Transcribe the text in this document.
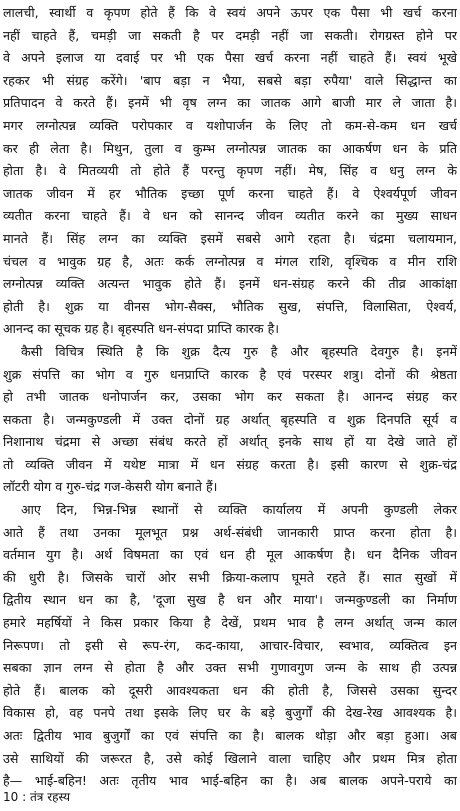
लालची, स्वार्थी व कृपण होते हैं कि वे स्वयं अपने ऊपर एक पैसा भी खर्च करना
नहीं चाहते हैं, चमड़ी जा सकती है पर दमड़ी नहीं जा सकती। रोगग्रस्त होने पर
वे अपने इलाज या दवाई पर भी एक पैसा खर्च करना नहीं चाहते हैं। स्वयं भूखे
रहकर भी संग्रह करेंगे। 'बाप बड़ा न भैया, सबसे बड़ा रुपैया' वाले सिद्धान्त का
प्रतिपादन वे करते हैं। इनमें भी वृष लग्न का जातक आगे बाजी मार ले जाता है।
मगर लग्नोत्पन्न व्यक्ति परोपकार व यशोपार्जन के लिए तो कम-से-कम धन खर्च
कर ही लेता है। मिथुन, तुला व कुम्भ लग्नोत्पन्न जातक का आकर्षण धन के प्रति
होता है। वे मितव्ययी तो होते हैं परन्तु कृपण नहीं। मेष, सिंह व धनु लग्न के
जातक जीवन में हर भौतिक इच्छा पूर्ण करना चाहते हैं। वे ऐश्वर्यपूर्ण जीवन
व्यतीत करना चाहते हैं। वे धन को सानन्द जीवन व्यतीत करने का मुख्य साधन
मानते हैं। सिंह लग्न का व्यक्ति इसमें सबसे आगे रहता है। चंद्रमा चलायमान,
चंचल व भावुक ग्रह है, अतः कर्क लग्नोत्पन्न व मंगल राशि, वृश्चिक व मीन राशि
लग्नोत्पन्न व्यक्ति अत्यन्त भावुक होते हैं। इनमें धन-संग्रह करने की तीव्र आकांक्षा
होती है। शुक्र या वीनस भोग-सैक्स, भौतिक सुख, संपत्ति, विलासिता, ऐश्वर्य,
आनन्द का सूचक ग्रह है। बृहस्पति धन-संपदा प्राप्ति कारक है।
कैसी विचित्र स्थिति है कि शुक्र दैत्य गुरु है और बृहस्पति देवगुरु है। इनमें
शुक्र संपत्ति का भोग व गुरु धनप्राप्ति कारक है एवं परस्पर शत्रु। दोनों की श्रेष्ठता
हो तभी जातक धनोपार्जन कर, उसका भोग कर सकता है। आनन्द संग्रह कर
सकता है। जन्मकुण्डली में उक्त दोनों ग्रह अर्थात् बृहस्पति व शुक्र दिनपति सूर्य व
निशानाथ चंद्रमा से अच्छा संबंध करते हों अर्थात् इनके साथ हों या देखे जाते हों
तो व्यक्ति जीवन में यथेष्ट मात्रा में धन संग्रह करता है। इसी कारण से शुक्र-चंद्र
लॉटरी योग व गुरु-चंद्र गज-केसरी योग बनाते हैं।
आए दिन, भिन्न-भिन्न स्थानों से व्यक्ति कार्यालय में अपनी कुण्डली लेकर
आते हैं तथा उनका मूलभूत प्रश्न अर्थ-संबंधी जानकारी प्राप्त करना होता है।
वर्तमान युग है। अर्थ विषमता का एवं धन ही मूल आकर्षण है। धन दैनिक जीवन
की धुरी है। जिसके चारों ओर सभी क्रिया-कलाप घूमते रहते हैं। सात सुखों में
द्वितीय स्थान धन का है, 'दूजा सुख है धन और माया'। जन्मकुण्डली का निर्माण
हमारे महर्षियों ने किस प्रकार किया है देखें, प्रथम भाव है लग्न अर्थात् जन्म काल
निरूपण। तो इसी से रूप-रंग, कद-काया, आचार-विचार, स्वभाव, व्यक्तित्व इन
सबका ज्ञान लग्न से होता है और उक्त सभी गुणावगुण जन्म के साथ ही उत्पन्न
होते हैं। बालक को दूसरी आवश्यकता धन की होती है, जिससे उसका सुन्दर
विकास हो, वह पनपे तथा इसके लिए घर के बड़े बुजुर्गों की देख-रेख आवश्यक है।
अतः द्वितीय भाव बुजुर्गों का एवं संपत्ति का है। बालक थोड़ा और बड़ा हुआ। अब
उसे साथियों की जरूरत है, उसे कोई खिलाने वाला चाहिए और प्रथम मित्र होता
है— भाई-बहिन! अतः तृतीय भाव भाई-बहिन का है। अब बालक अपने-पराये का
10 : तंत्र रहस्य
